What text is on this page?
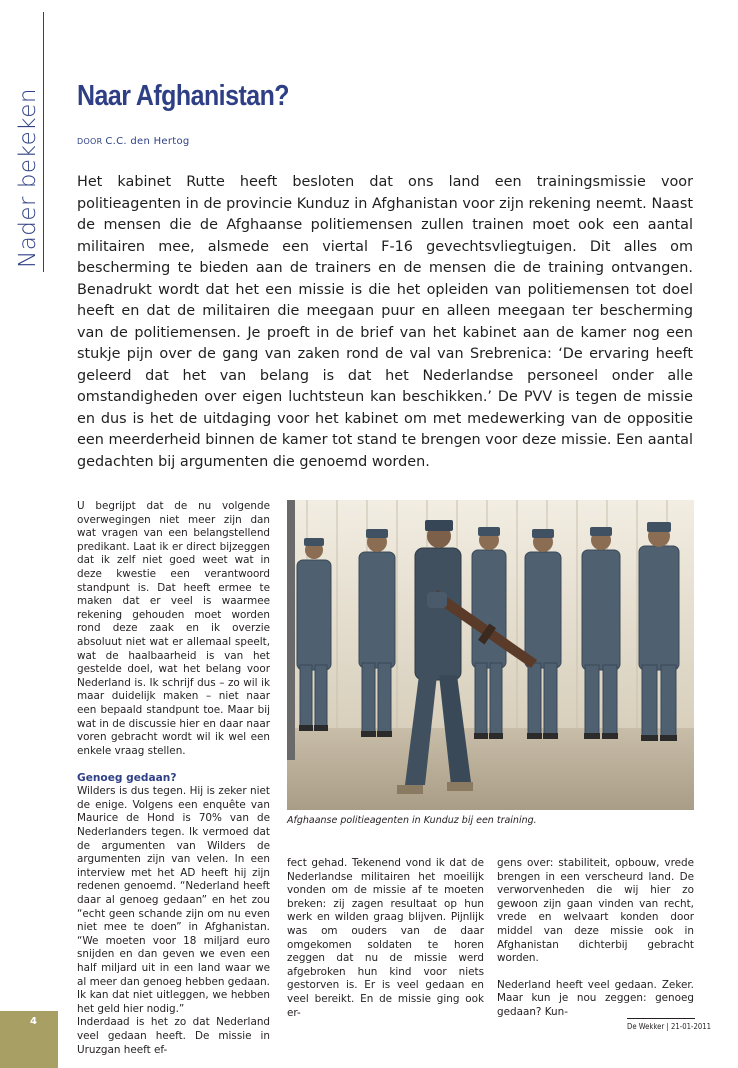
Nader bekeken Naar Afghanistan?
DOOR C.C. den Hertog

Het kabinet Rutte heeft besloten dat ons land een trainingsmissie voor politieagenten in de provincie Kunduz in Afghanistan voor zijn rekening neemt. Naast de mensen die de Afghaanse politiemensen zullen trainen moet ook een aantal militairen mee, alsmede een viertal F-16 gevechtsvliegtuigen. Dit alles om bescherming te bieden aan de trainers en de mensen die de training ontvangen. Benadrukt wordt dat het een missie is die het opleiden van politiemensen tot doel heeft en dat de militairen die meegaan puur en alleen meegaan ter bescherming van de politiemensen. Je proeft in de brief van het kabinet aan de kamer nog een stukje pijn over de gang van zaken rond de val van Srebrenica: ‘De ervaring heeft geleerd dat het van belang is dat het Nederlandse personeel onder alle omstandigheden over eigen luchtsteun kan beschikken.’ De PVV is tegen de missie en dus is het de uitdaging voor het kabinet om met medewerking van de oppositie een meerderheid binnen de kamer tot stand te brengen voor deze missie. Een aantal gedachten bij argumenten die genoemd worden.

U begrijpt dat de nu volgende overwegingen niet meer zijn dan wat vragen van een belangstellend predikant. Laat ik er direct bijzeggen dat ik zelf niet goed weet wat in deze kwestie een verantwoord standpunt is. Dat heeft ermee te maken dat er veel is waarmee rekening gehouden moet worden rond deze zaak en ik overzie absoluut niet wat er allemaal speelt, wat de haalbaarheid is van het gestelde doel, wat het belang voor Nederland is. Ik schrijf dus – zo wil ik maar duidelijk maken – niet naar een bepaald standpunt toe. Maar bij wat in de discussie hier en daar naar voren gebracht wordt wil ik wel een enkele vraag stellen.

Genoeg gedaan?

Wilders is dus tegen. Hij is zeker niet de enige. Volgens een enquête van Maurice de Hond is 70% van de Nederlanders tegen. Ik vermoed dat de argumenten van Wilders de argumenten zijn van velen. In een interview met het AD heeft hij zijn redenen genoemd. “Nederland heeft daar al genoeg gedaan” en het zou “echt geen schande zijn om nu even niet mee te doen” in Afghanistan. “We moeten voor 18 miljard euro snijden en dan geven we even een half miljard uit in een land waar we al meer dan genoeg hebben gedaan. Ik kan dat niet uitleggen, we hebben het geld hier nodig.”

Inderdaad is het zo dat Nederland veel gedaan heeft. De missie in Uruzgan heeft ef-

Afghaanse politieagenten in Kunduz bij een training.

fect gehad. Tekenend vond ik dat de Nederlandse militairen het moeilijk vonden om de missie af te moeten breken: zij zagen resultaat op hun werk en wilden graag blijven. Pijnlijk was om ouders van de daar omgekomen soldaten te horen zeggen dat nu de missie werd afgebroken hun kind voor niets gestorven is. Er is veel gedaan en veel bereikt. En de missie ging ook er-

gens over: stabiliteit, opbouw, vrede brengen in een verscheurd land. De verworvenheden die wij hier zo gewoon zijn gaan vinden van recht, vrede en welvaart konden door middel van deze missie ook in Afghanistan dichterbij gebracht worden.

Nederland heeft veel gedaan. Zeker. Maar kun je nou zeggen: genoeg gedaan? Kun-

4	De Wekker | 21-01-2011
